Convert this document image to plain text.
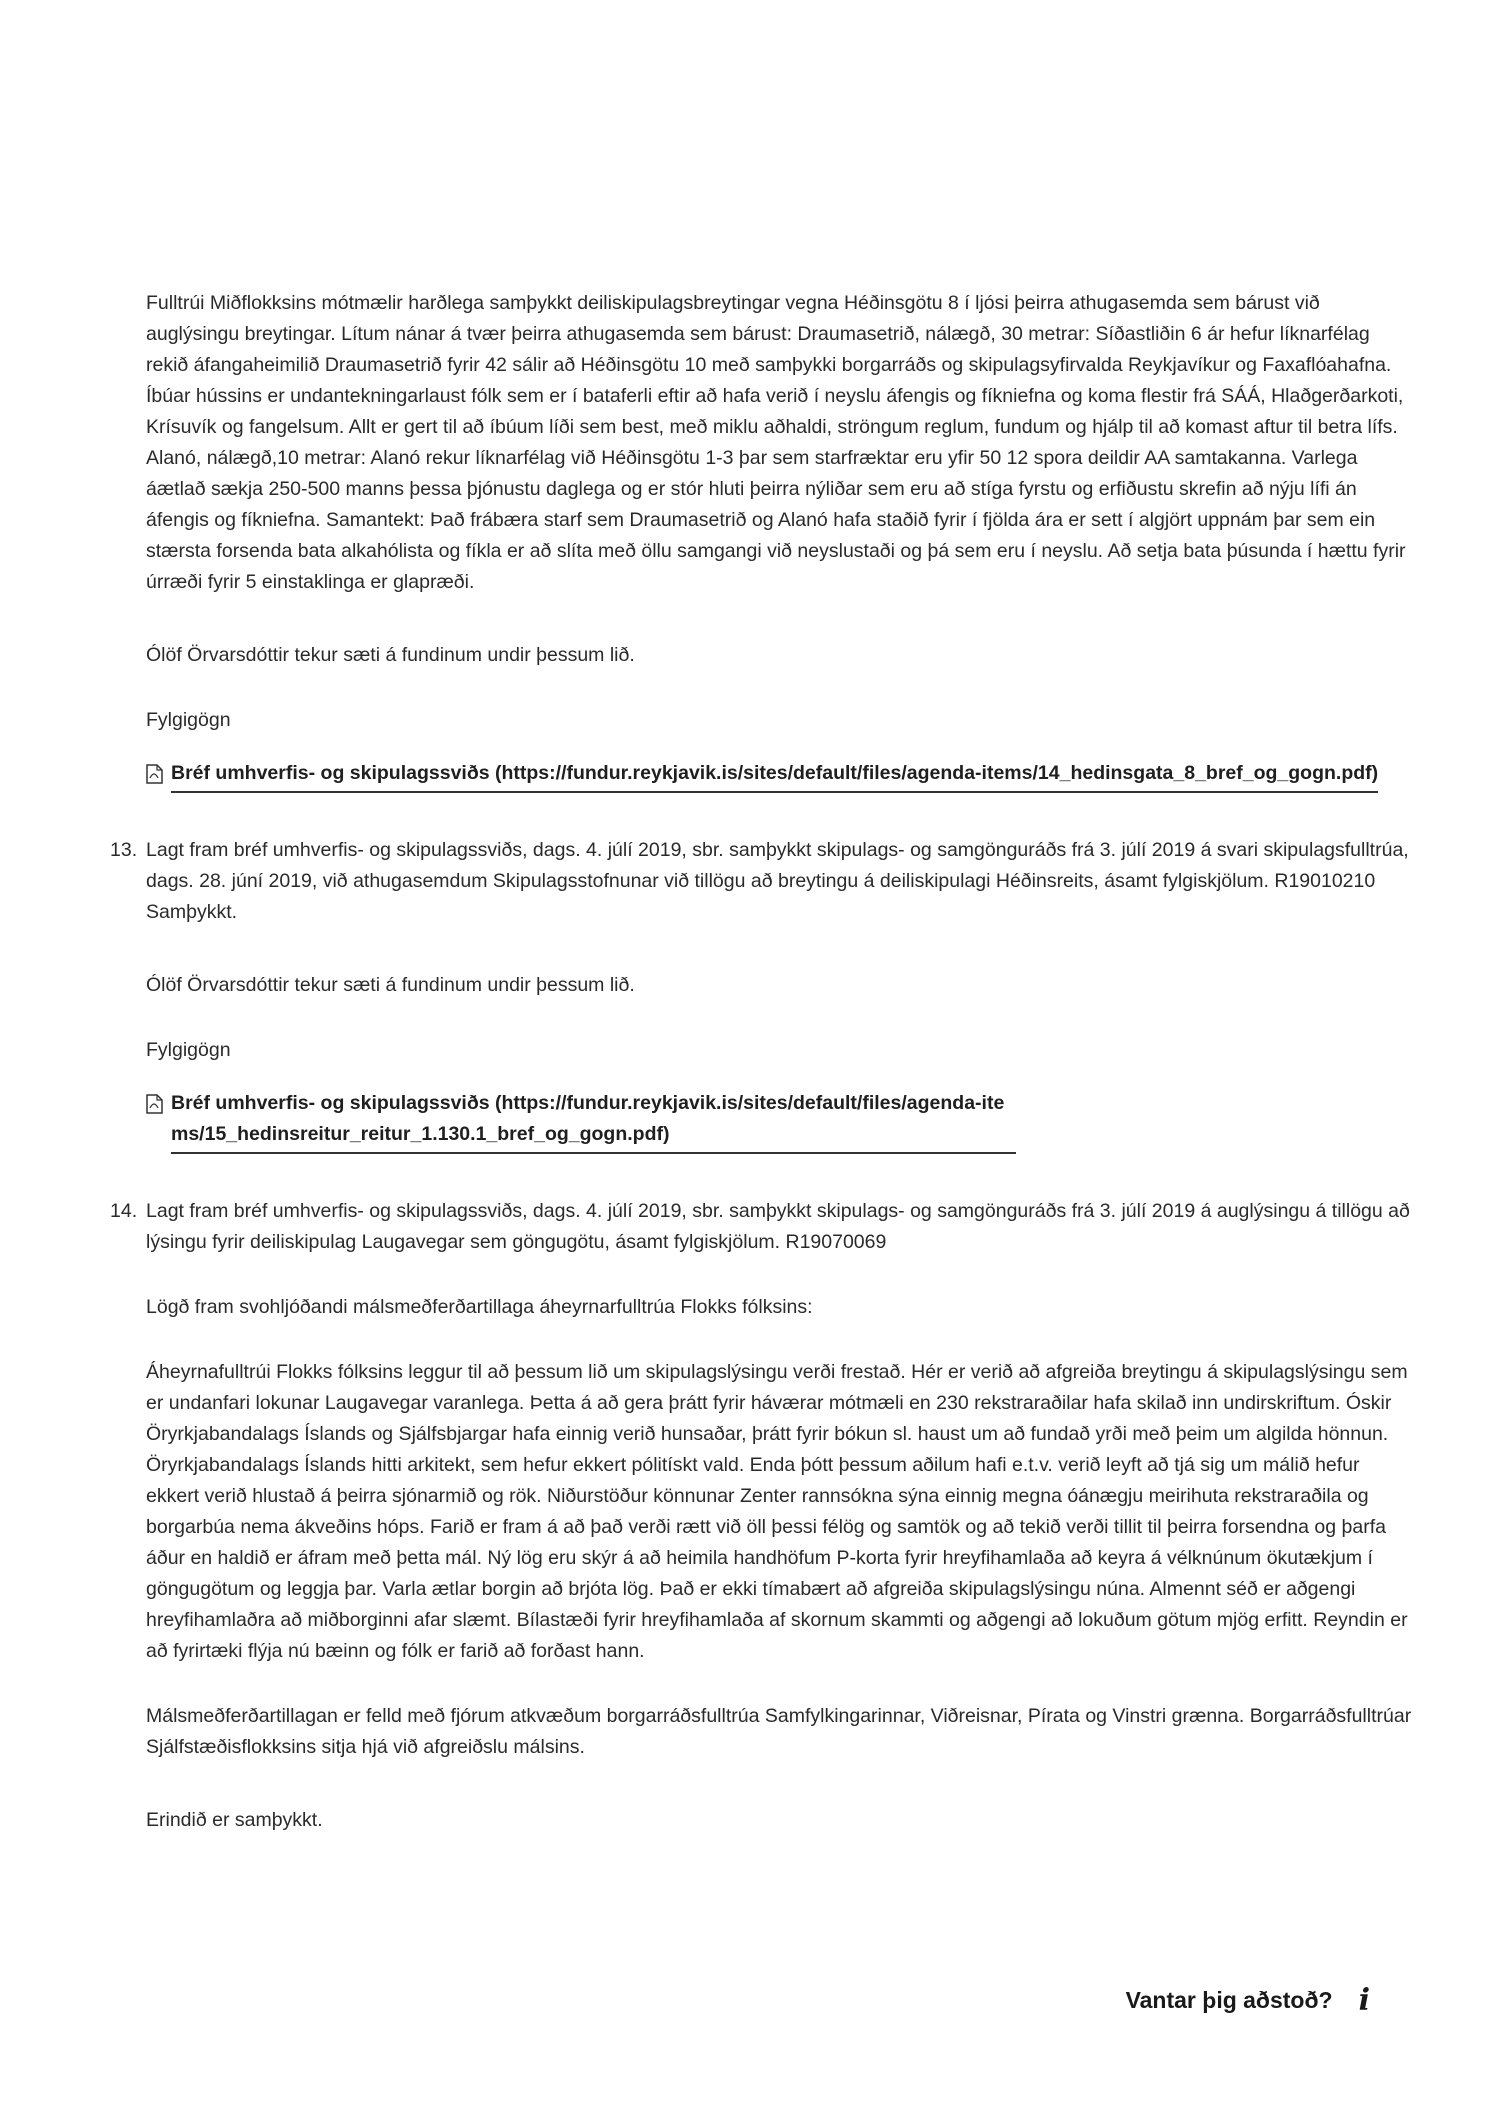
Fulltrúi Miðflokksins mótmælir harðlega samþykkt deiliskipulagsbreytingar vegna Héðinsgötu 8 í ljósi þeirra athugasemda sem bárust við auglýsingu breytingar. Lítum nánar á tvær þeirra athugasemda sem bárust: Draumasetrið, nálægð, 30 metrar: Síðastliðin 6 ár hefur líknarfélag rekið áfangaheimilið Draumasetrið fyrir 42 sálir að Héðinsgötu 10 með samþykki borgarráðs og skipulagsyfirvalda Reykjavíkur og Faxaflóahafna. Íbúar hússins er undantekningarlaust fólk sem er í bataferli eftir að hafa verið í neyslu áfengis og fíkniefna og koma flestir frá SÁÁ, Hlaðgerðarkoti, Krísuvík og fangelsum. Allt er gert til að íbúum líði sem best, með miklu aðhaldi, ströngum reglum, fundum og hjálp til að komast aftur til betra lífs. Alanó, nálægð,10 metrar: Alanó rekur líknarfélag við Héðinsgötu 1-3 þar sem starfræktar eru yfir 50 12 spora deildir AA samtakanna. Varlega áætlað sækja 250-500 manns þessa þjónustu daglega og er stór hluti þeirra nýliðar sem eru að stíga fyrstu og erfiðustu skrefin að nýju lífi án áfengis og fíkniefna. Samantekt: Það frábæra starf sem Draumasetrið og Alanó hafa staðið fyrir í fjölda ára er sett í algjört uppnám þar sem ein stærsta forsenda bata alkahólista og fíkla er að slíta með öllu samgangi við neyslustaði og þá sem eru í neyslu. Að setja bata þúsunda í hættu fyrir úrræði fyrir 5 einstaklinga er glapræði.

Ólöf Örvarsdóttir tekur sæti á fundinum undir þessum lið.

Fylgigögn

Bréf umhverfis- og skipulagssviðs (https://fundur.reykjavik.is/sites/default/files/agenda-items/14_hedinsgata_8_bref_og_gogn.pdf)
13. Lagt fram bréf umhverfis- og skipulagssviðs, dags. 4. júlí 2019, sbr. samþykkt skipulags- og samgönguráðs frá 3. júlí 2019 á svari skipulagsfulltrúa, dags. 28. júní 2019, við athugasemdum Skipulagsstofnunar við tillögu að breytingu á deiliskipulagi Héðinsreits, ásamt fylgiskjölum. R19010210

Samþykkt.

Ólöf Örvarsdóttir tekur sæti á fundinum undir þessum lið.

Fylgigögn

Bréf umhverfis- og skipulagssviðs (https://fundur.reykjavik.is/sites/default/files/agenda-items/15_hedinsreitur_reitur_1.130.1_bref_og_gogn.pdf)
14. Lagt fram bréf umhverfis- og skipulagssviðs, dags. 4. júlí 2019, sbr. samþykkt skipulags- og samgönguráðs frá 3. júlí 2019 á auglýsingu á tillögu að lýsingu fyrir deiliskipulag Laugavegar sem göngugötu, ásamt fylgiskjölum. R19070069

Lögð fram svohljóðandi málsmeðferðartillaga áheyrnarfulltrúa Flokks fólksins:

Áheyrnafulltrúi Flokks fólksins leggur til að þessum lið um skipulagslýsingu verði frestað. Hér er verið að afgreiða breytingu á skipulagslýsingu sem er undanfari lokunar Laugavegar varanlega. Þetta á að gera þrátt fyrir háværar mótmæli en 230 rekstraraðilar hafa skilað inn undirskriftum. Óskir Öryrkjabandalags Íslands og Sjálfsbjargar hafa einnig verið hunsaðar, þrátt fyrir bókun sl. haust um að fundað yrði með þeim um algilda hönnun. Öryrkjabandalags Íslands hitti arkitekt, sem hefur ekkert pólitískt vald. Enda þótt þessum aðilum hafi e.t.v. verið leyft að tjá sig um málið hefur ekkert verið hlustað á þeirra sjónarmið og rök. Niðurstöður könnunar Zenter rannsókna sýna einnig megna óánægju meirihuta rekstraraðila og borgarbúa nema ákveðins hóps. Farið er fram á að það verði rætt við öll þessi félög og samtök og að tekið verði tillit til þeirra forsendna og þarfa áður en haldið er áfram með þetta mál. Ný lög eru skýr á að heimila handhöfum P-korta fyrir hreyfihamlaða að keyra á vélknúnum ökutækjum í göngugötum og leggja þar. Varla ætlar borgin að brjóta lög. Það er ekki tímabært að afgreiða skipulagslýsingu núna. Almennt séð er aðgengi hreyfihamlaðra að miðborginni afar slæmt. Bílastæði fyrir hreyfihamlaða af skornum skammti og aðgengi að lokuðum götum mjög erfitt. Reyndin er að fyrirtæki flýja nú bæinn og fólk er farið að forðast hann.

Málsmeðferðartillagan er felld með fjórum atkvæðum borgarráðsfulltrúa Samfylkingarinnar, Viðreisnar, Pírata og Vinstri grænna. Borgarráðsfulltrúar Sjálfstæðisflokksins sitja hjá við afgreiðslu málsins.

Erindið er samþykkt.

Vantar þig aðstoð? i
